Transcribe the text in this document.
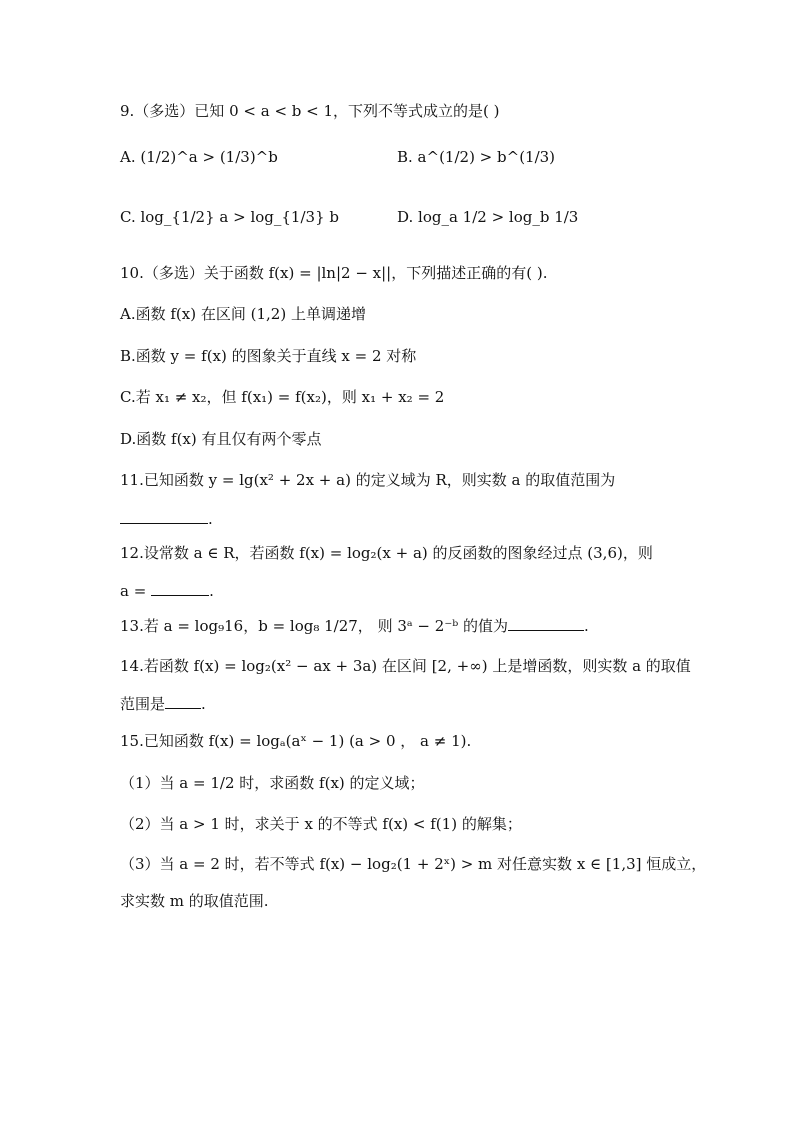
9.（多选）已知 0 < a < b < 1，下列不等式成立的是( )
A. (1/2)^a > (1/3)^b	B. a^(1/2) > b^(1/3)
C. log_{1/2} a > log_{1/3} b	D. log_a 1/2 > log_b 1/3
10.（多选）关于函数 f(x) = |ln|2 − x||，下列描述正确的有( ).
A.函数 f(x) 在区间 (1,2) 上单调递增
B.函数 y = f(x) 的图象关于直线 x = 2 对称
C.若 x₁ ≠ x₂，但 f(x₁) = f(x₂)，则 x₁ + x₂ = 2
D.函数 f(x) 有且仅有两个零点
11.已知函数 y = lg(x² + 2x + a) 的定义域为 R，则实数 a 的取值范围为
.
12.设常数 a ∈ R，若函数 f(x) = log₂(x + a) 的反函数的图象经过点 (3,6)，则
a =	.
13.若 a = log₉16，b = log₈ 1/27， 则 3ᵃ − 2⁻ᵇ 的值为	.
14.若函数 f(x) = log₂(x² − ax + 3a) 在区间 [2, +∞) 上是增函数，则实数 a 的取值
范围是 .
15.已知函数 f(x) = logₐ(aˣ − 1) (a > 0 ， a ≠ 1).
（1）当 a = 1/2 时，求函数 f(x) 的定义域；
（2）当 a > 1 时，求关于 x 的不等式 f(x) < f(1) 的解集；
（3）当 a = 2 时，若不等式 f(x) − log₂(1 + 2ˣ) > m 对任意实数 x ∈ [1,3] 恒成立，
求实数 m 的取值范围.
